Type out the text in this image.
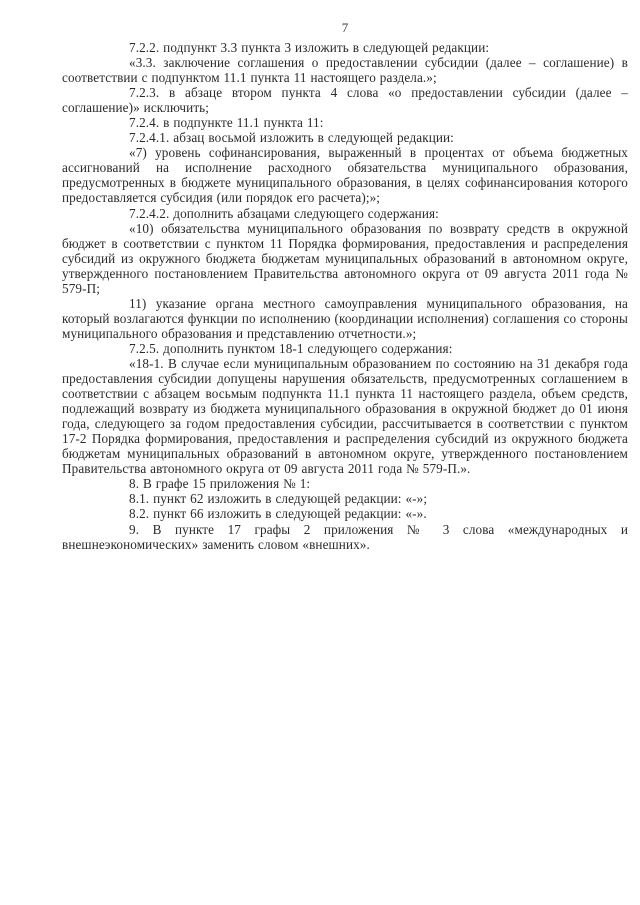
7

7.2.2. подпункт 3.3 пункта 3 изложить в следующей редакции:

«3.3. заключение соглашения о предоставлении субсидии (далее – соглашение) в соответствии с подпунктом 11.1 пункта 11 настоящего раздела.»;

7.2.3. в абзаце втором пункта 4 слова «о предоставлении субсидии (далее – соглашение)» исключить;

7.2.4. в подпункте 11.1 пункта 11:

7.2.4.1. абзац восьмой изложить в следующей редакции:

«7) уровень софинансирования, выраженный в процентах от объема бюджетных ассигнований на исполнение расходного обязательства муниципального образования, предусмотренных в бюджете муниципального образования, в целях софинансирования которого предоставляется субсидия (или порядок его расчета);»;

7.2.4.2. дополнить абзацами следующего содержания:

«10) обязательства муниципального образования по возврату средств в окружной бюджет в соответствии с пунктом 11 Порядка формирования, предоставления и распределения субсидий из окружного бюджета бюджетам муниципальных образований в автономном округе, утвержденного постановлением Правительства автономного округа от 09 августа 2011 года № 579-П;

11) указание органа местного самоуправления муниципального образования, на который возлагаются функции по исполнению (координации исполнения) соглашения со стороны муниципального образования и представлению отчетности.»;

7.2.5. дополнить пунктом 18-1 следующего содержания:

«18-1. В случае если муниципальным образованием по состоянию на 31 декабря года предоставления субсидии допущены нарушения обязательств, предусмотренных соглашением в соответствии с абзацем восьмым подпункта 11.1 пункта 11 настоящего раздела, объем средств, подлежащий возврату из бюджета муниципального образования в окружной бюджет до 01 июня года, следующего за годом предоставления субсидии, рассчитывается в соответствии с пунктом 17-2 Порядка формирования, предоставления и распределения субсидий из окружного бюджета бюджетам муниципальных образований в автономном округе, утвержденного постановлением Правительства автономного округа от 09 августа 2011 года № 579-П.».

8. В графе 15 приложения № 1:

8.1. пункт 62 изложить в следующей редакции: «-»;

8.2. пункт 66 изложить в следующей редакции: «-».

9. В пункте 17 графы 2 приложения № 3 слова «международных и внешнеэкономических» заменить словом «внешних».
